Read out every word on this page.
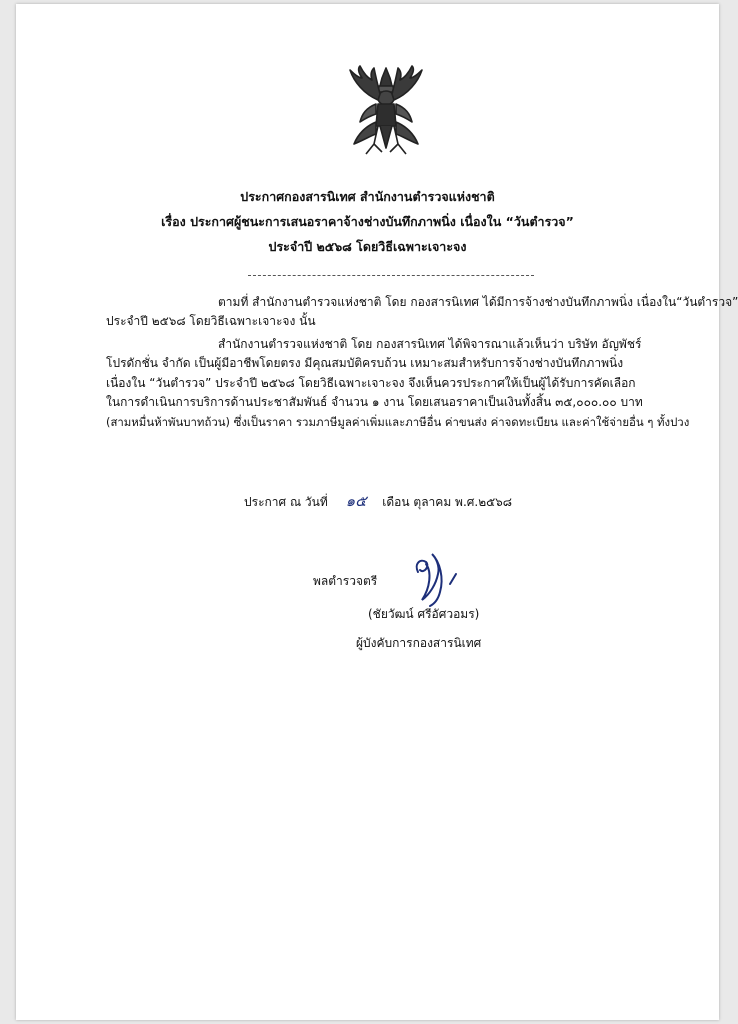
ประกาศกองสารนิเทศ สำนักงานตำรวจแห่งชาติ
เรื่อง ประกาศผู้ชนะการเสนอราคาจ้างช่างบันทึกภาพนิ่ง เนื่องใน “วันตำรวจ”
ประจำปี ๒๕๖๘ โดยวิธีเฉพาะเจาะจง
ตามที่ สำนักงานตำรวจแห่งชาติ โดย กองสารนิเทศ ได้มีการจ้างช่างบันทึกภาพนิ่ง เนื่องใน“วันตำรวจ”
ประจำปี ๒๕๖๘ โดยวิธีเฉพาะเจาะจง นั้น
สำนักงานตำรวจแห่งชาติ โดย กองสารนิเทศ ได้พิจารณาแล้วเห็นว่า บริษัท อัญพัชร์
โปรดักชั่น จำกัด เป็นผู้มีอาชีพโดยตรง มีคุณสมบัติครบถ้วน เหมาะสมสำหรับการจ้างช่างบันทึกภาพนิ่ง
เนื่องใน “วันตำรวจ” ประจำปี ๒๕๖๘ โดยวิธีเฉพาะเจาะจง จึงเห็นควรประกาศให้เป็นผู้ได้รับการคัดเลือก
ในการดำเนินการบริการด้านประชาสัมพันธ์ จำนวน ๑ งาน โดยเสนอราคาเป็นเงินทั้งสิ้น ๓๕,๐๐๐.๐๐ บาท
(สามหมื่นห้าพันบาทถ้วน) ซึ่งเป็นราคา รวมภาษีมูลค่าเพิ่มและภาษีอื่น ค่าขนส่ง ค่าจดทะเบียน และค่าใช้จ่ายอื่น ๆ ทั้งปวง
ประกาศ ณ วันที่ ๑๕ เดือน ตุลาคม พ.ศ.๒๕๖๘
พลตำรวจตรี
(ชัยวัฒน์ ศรีอัศวอมร)
ผู้บังคับการกองสารนิเทศ
